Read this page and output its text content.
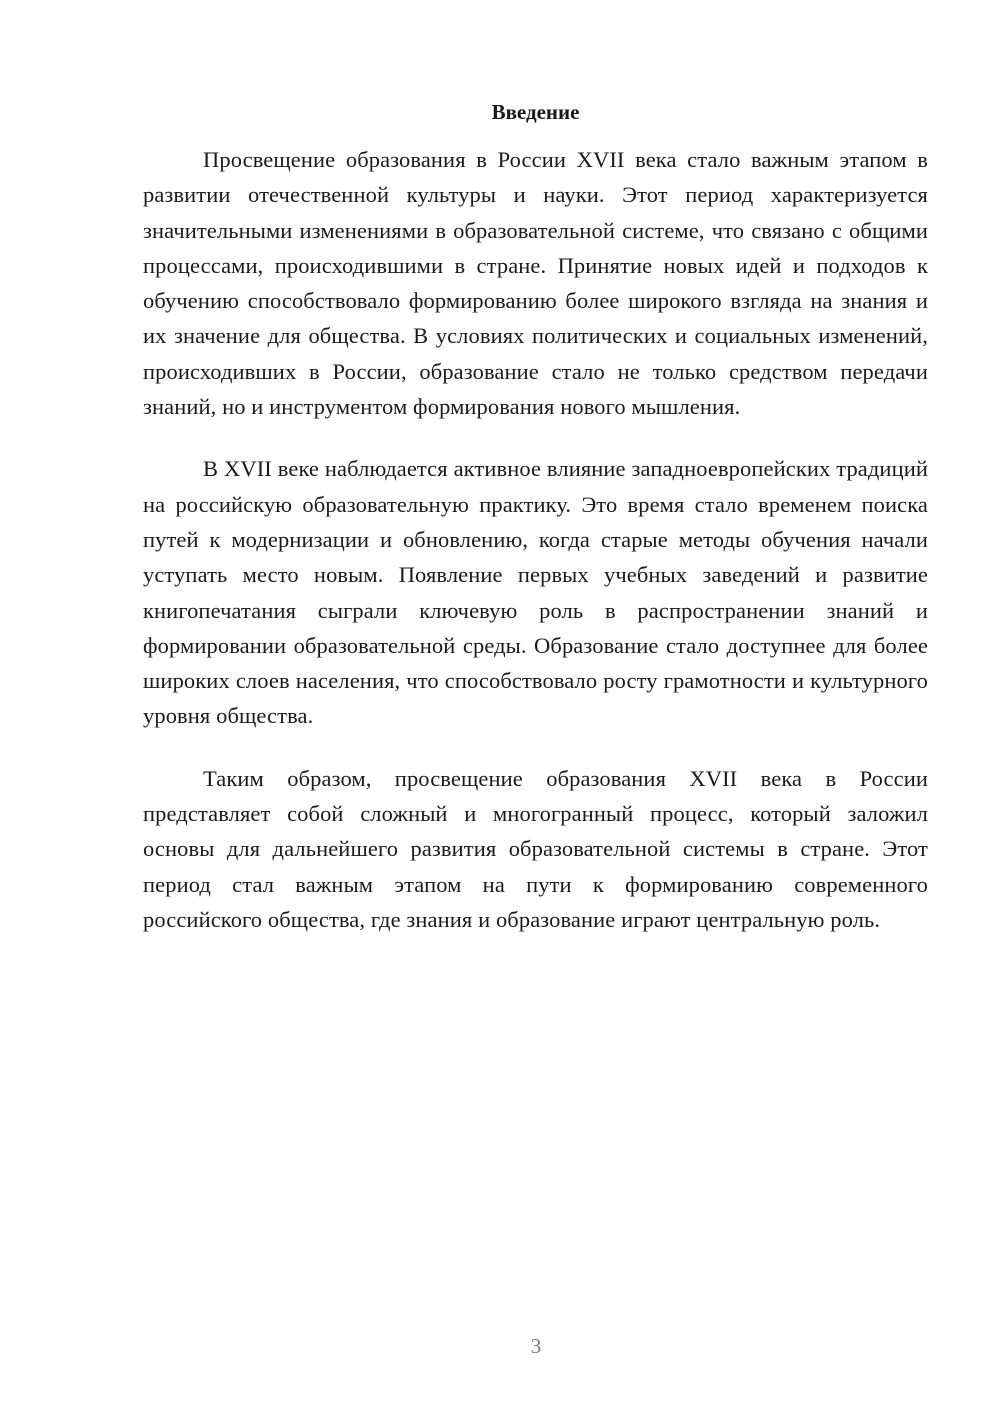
Введение

Просвещение образования в России XVII века стало важным этапом в развитии отечественной культуры и науки. Этот период характеризуется значительными изменениями в образовательной системе, что связано с общими процессами, происходившими в стране. Принятие новых идей и подходов к обучению способствовало формированию более широкого взгляда на знания и их значение для общества. В условиях политических и социальных изменений, происходивших в России, образование стало не только средством передачи знаний, но и инструментом формирования нового мышления.

В XVII веке наблюдается активное влияние западноевропейских традиций на российскую образовательную практику. Это время стало временем поиска путей к модернизации и обновлению, когда старые методы обучения начали уступать место новым. Появление первых учебных заведений и развитие книгопечатания сыграли ключевую роль в распространении знаний и формировании образовательной среды. Образование стало доступнее для более широких слоев населения, что способствовало росту грамотности и культурного уровня общества.

Таким образом, просвещение образования XVII века в России представляет собой сложный и многогранный процесс, который заложил основы для дальнейшего развития образовательной системы в стране. Этот период стал важным этапом на пути к формированию современного российского общества, где знания и образование играют центральную роль.

3
